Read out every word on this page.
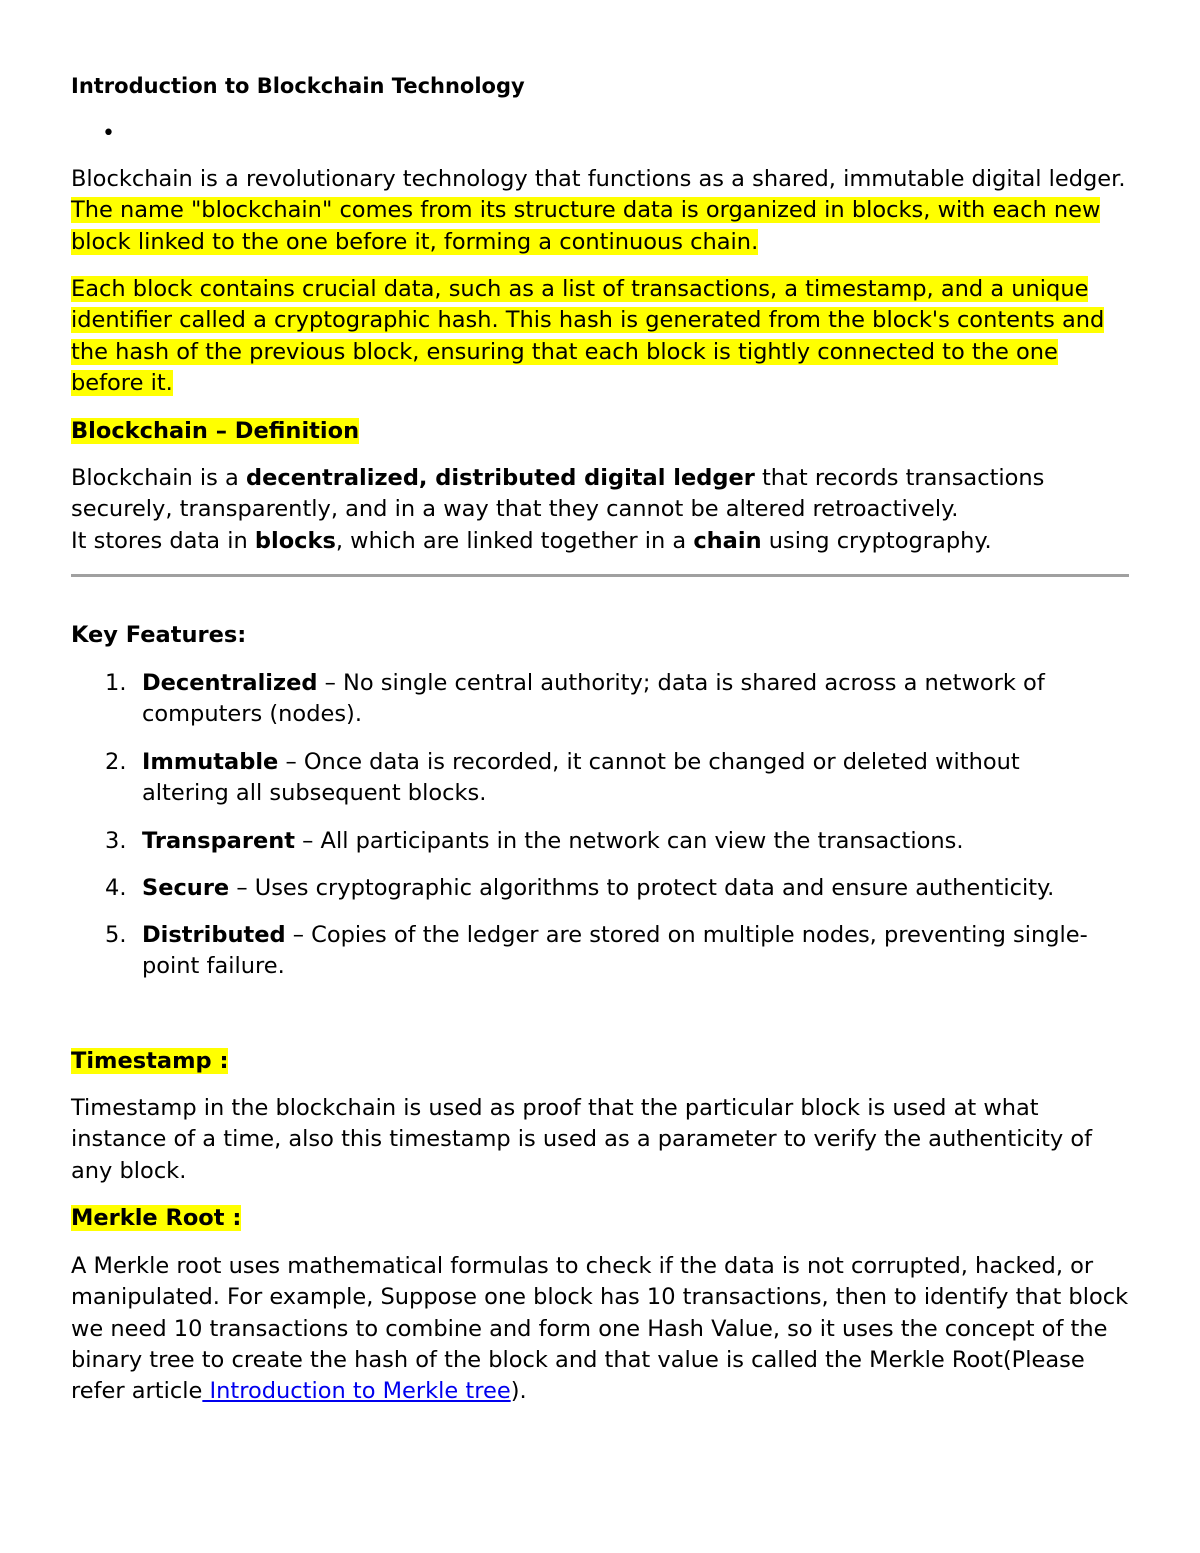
Introduction to Blockchain Technology
•

Blockchain is a revolutionary technology that functions as a shared, immutable digital ledger. The name "blockchain" comes from its structure data is organized in blocks, with each new block linked to the one before it, forming a continuous chain.

Each block contains crucial data, such as a list of transactions, a timestamp, and a unique identifier called a cryptographic hash. This hash is generated from the block's contents and the hash of the previous block, ensuring that each block is tightly connected to the one before it.

Blockchain – Definition

Blockchain is a decentralized, distributed digital ledger that records transactions securely, transparently, and in a way that they cannot be altered retroactively.
It stores data in blocks, which are linked together in a chain using cryptography.

Key Features:

1. Decentralized – No single central authority; data is shared across a network of computers (nodes).
2. Immutable – Once data is recorded, it cannot be changed or deleted without altering all subsequent blocks.
3. Transparent – All participants in the network can view the transactions.
4. Secure – Uses cryptographic algorithms to protect data and ensure authenticity.
5. Distributed – Copies of the ledger are stored on multiple nodes, preventing single-point failure.

Timestamp :

Timestamp in the blockchain is used as proof that the particular block is used at what instance of a time, also this timestamp is used as a parameter to verify the authenticity of any block.

Merkle Root :

A Merkle root uses mathematical formulas to check if the data is not corrupted, hacked, or manipulated. For example, Suppose one block has 10 transactions, then to identify that block we need 10 transactions to combine and form one Hash Value, so it uses the concept of the binary tree to create the hash of the block and that value is called the Merkle Root(Please refer article Introduction to Merkle tree).
